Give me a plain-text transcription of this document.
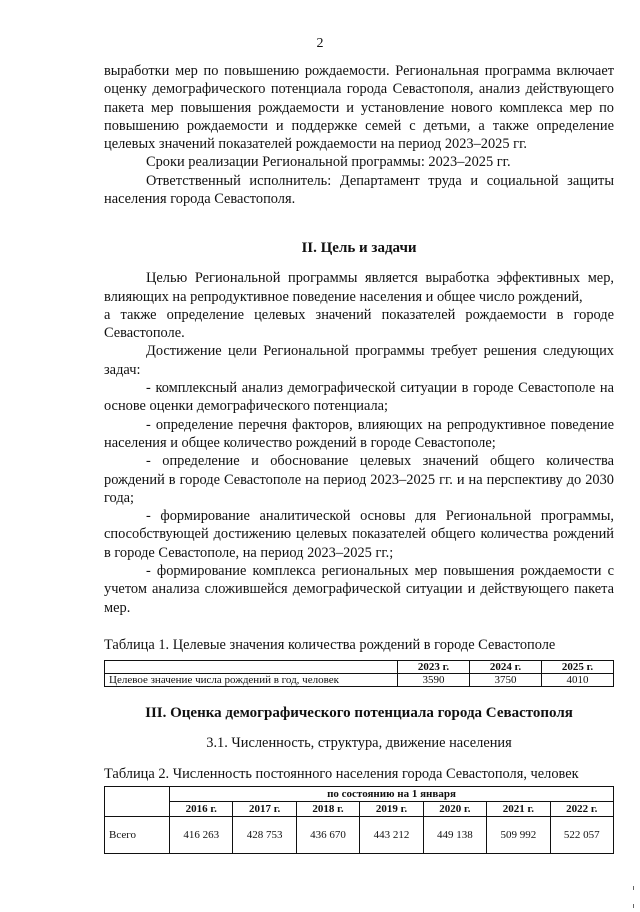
2

выработки мер по повышению рождаемости. Региональная программа включает оценку демографического потенциала города Севастополя, анализ действующего пакета мер повышения рождаемости и установление нового комплекса мер по повышению рождаемости и поддержке семей с детьми, а также определение целевых значений показателей рождаемости на период 2023–2025 гг.

Сроки реализации Региональной программы: 2023–2025 гг.

Ответственный исполнитель: Департамент труда и социальной защиты населения города Севастополя.

II. Цель и задачи

Целью Региональной программы является выработка эффективных мер, влияющих на репродуктивное поведение населения и общее число рождений,

а также определение целевых значений показателей рождаемости в городе Севастополе.

Достижение цели Региональной программы требует решения следующих задач:

- комплексный анализ демографической ситуации в городе Севастополе на основе оценки демографического потенциала;

- определение перечня факторов, влияющих на репродуктивное поведение населения и общее количество рождений в городе Севастополе;

- определение и обоснование целевых значений общего количества рождений в городе Севастополе на период 2023–2025 гг. и на перспективу до 2030 года;

- формирование аналитической основы для Региональной программы, способствующей достижению целевых показателей общего количества рождений в городе Севастополе, на период 2023–2025 гг.;

- формирование комплекса региональных мер повышения рождаемости с учетом анализа сложившейся демографической ситуации и действующего пакета мер.

Таблица 1. Целевые значения количества рождений в городе Севастополе
	2023 г.	2024 г.	2025 г.
Целевое значение числа рождений в год, человек	3590	3750	4010
III. Оценка демографического потенциала города Севастополя
3.1. Численность, структура, движение населения
Таблица 2. Численность постоянного населения города Севастополя, человек
	по состоянию на 1 января						
	2016 г.	2017 г.	2018 г.	2019 г.	2020 г.	2021 г.	2022 г.
Всего	416 263	428 753	436 670	443 212	449 138	509 992	522 057
